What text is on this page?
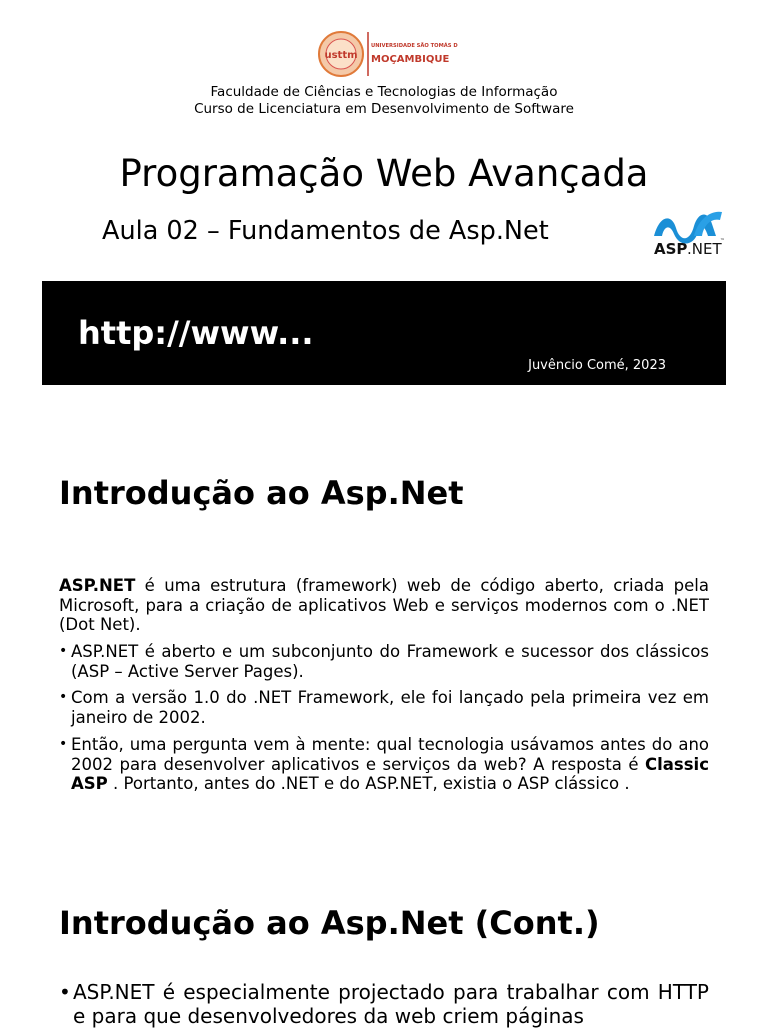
usttm
UNIVERSIDADE SÃO TOMÁS DE
MOÇAMBIQUE
Faculdade de Ciências e Tecnologias de Informação
Curso de Licenciatura em Desenvolvimento de Software
Programação Web Avançada
Aula 02 – Fundamentos de Asp.Net
ASP .NET
™
http://www...
Juvêncio Comé, 2023
Introdução ao Asp.Net
ASP.NET é uma estrutura (framework) web de código aberto, criada pela Microsoft, para a criação de aplicativos Web e serviços modernos com o .NET (Dot Net).
• ASP.NET é aberto e um subconjunto do Framework e sucessor dos clássicos (ASP – Active Server Pages).
• Com a versão 1.0 do .NET Framework, ele foi lançado pela primeira vez em janeiro de 2002.
• Então, uma pergunta vem à mente: qual tecnologia usávamos antes do ano 2002 para desenvolver aplicativos e serviços da web? A resposta é Classic ASP . Portanto, antes do .NET e do ASP.NET, existia o ASP clássico .
Introdução ao Asp.Net (Cont.)
• ASP.NET é especialmente projectado para trabalhar com HTTP e para que desenvolvedores da web criem páginas
